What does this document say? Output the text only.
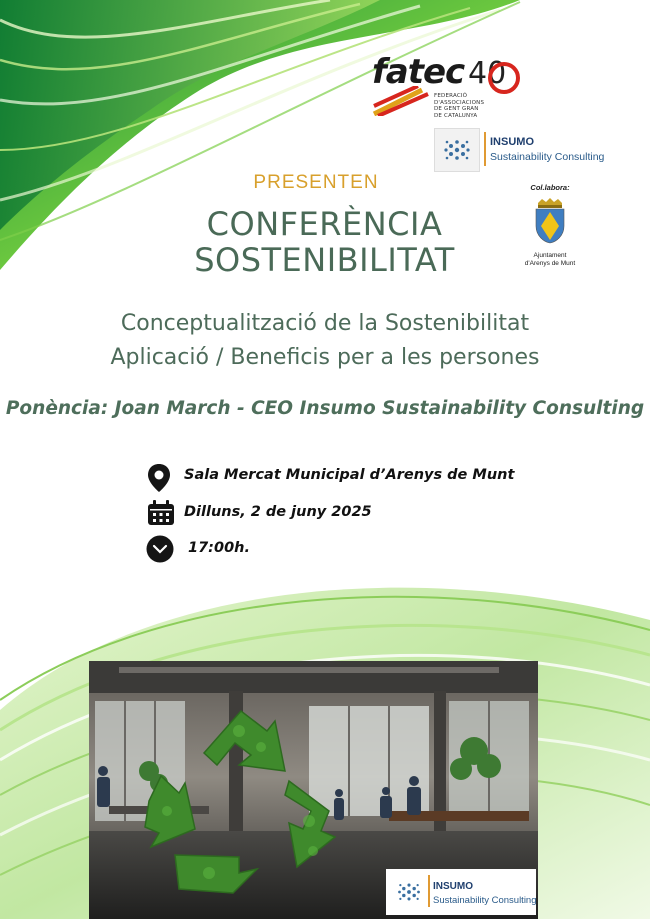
fatec 40
FEDERACIÓ
D'ASSOCIACIONS
DE GENT GRAN
DE CATALUNYA
INSUMO
Sustainability Consulting
Col.labora:
Ajuntament
d'Arenys de Munt
PRESENTEN
CONFERÈNCIA
SOSTENIBILITAT
Conceptualització de la Sostenibilitat
Aplicació / Beneficis per a les persones
Ponència: Joan March - CEO Insumo Sustainability Consulting
Sala Mercat Municipal d’Arenys de Munt
Dilluns, 2 de juny 2025
17:00h.
INSUMO
Sustainability Consulting
